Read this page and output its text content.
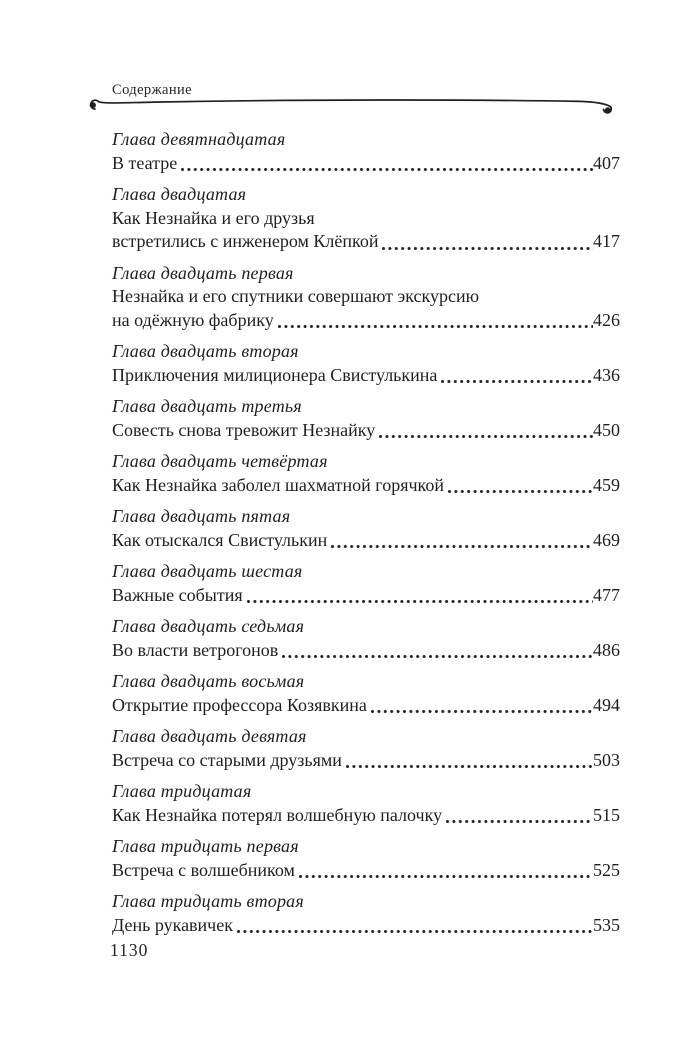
Содержание
Глава девятнадцатая
В театре	407
Глава двадцатая
Как Незнайка и его друзья
встретились с инженером Клёпкой	417
Глава двадцать первая
Незнайка и его спутники совершают экскурсию
на одёжную фабрику	426
Глава двадцать вторая
Приключения милиционера Свистулькина	436
Глава двадцать третья
Совесть снова тревожит Незнайку	450
Глава двадцать четвёртая
Как Незнайка заболел шахматной горячкой	459
Глава двадцать пятая
Как отыскался Свистулькин	469
Глава двадцать шестая
Важные события	477
Глава двадцать седьмая
Во власти ветрогонов	486
Глава двадцать восьмая
Открытие профессора Козявкина	494
Глава двадцать девятая
Встреча со старыми друзьями	503
Глава тридцатая
Как Незнайка потерял волшебную палочку	515
Глава тридцать первая
Встреча с волшебником	525
Глава тридцать вторая
День рукавичек	535
1130
